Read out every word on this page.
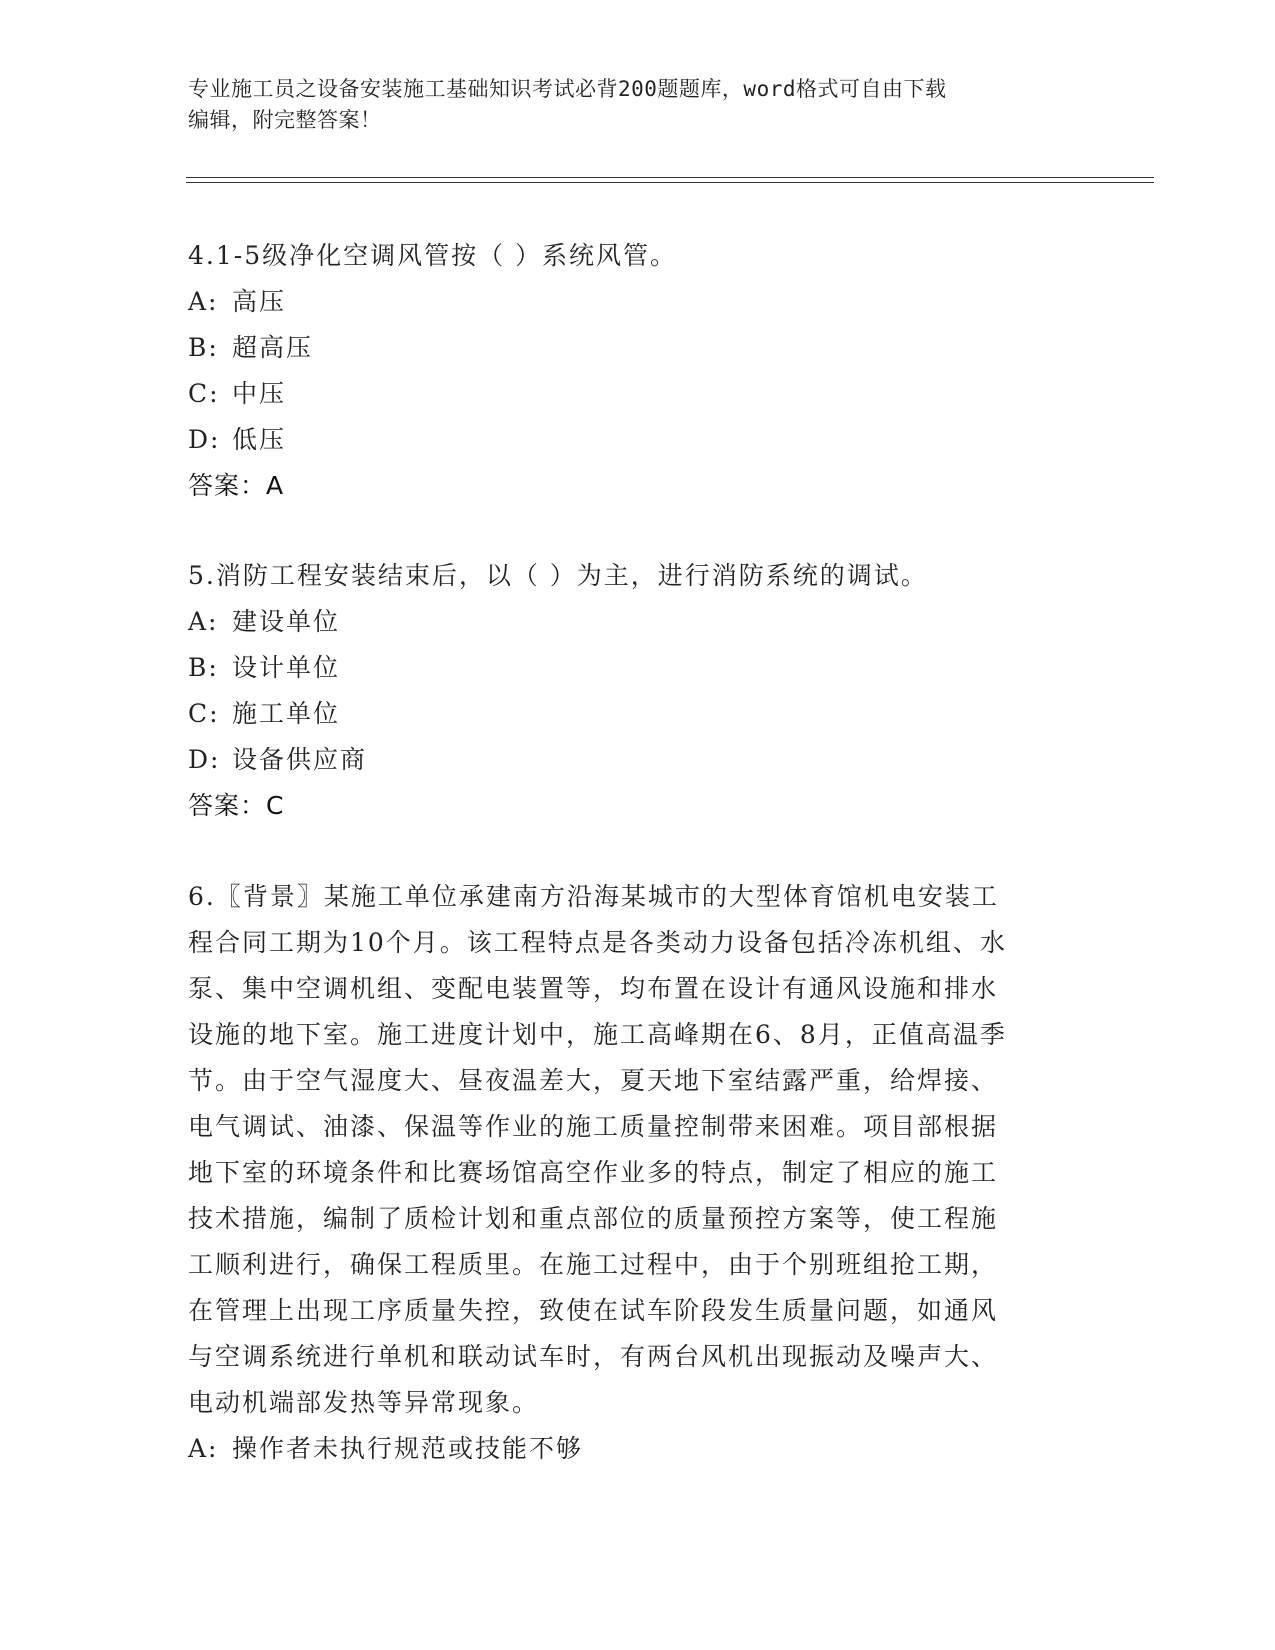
专业施工员之设备安装施工基础知识考试必背200题题库，word格式可自由下载
编辑，附完整答案！
4.1-5级净化空调风管按（ ）系统风管。
A: 高压
B: 超高压
C: 中压
D: 低压
答案：A
5.消防工程安装结束后，以（ ）为主，进行消防系统的调试。
A: 建设单位
B: 设计单位
C: 施工单位
D: 设备供应商
答案：C
6.〖背景〗某施工单位承建南方沿海某城市的大型体育馆机电安装工
程合同工期为10个月。该工程特点是各类动力设备包括冷冻机组、水
泵、集中空调机组、变配电装置等，均布置在设计有通风设施和排水
设施的地下室。施工进度计划中，施工高峰期在6、8月，正值高温季
节。由于空气湿度大、昼夜温差大，夏天地下室结露严重，给焊接、
电气调试、油漆、保温等作业的施工质量控制带来困难。项目部根据
地下室的环境条件和比赛场馆高空作业多的特点，制定了相应的施工
技术措施，编制了质检计划和重点部位的质量预控方案等，使工程施
工顺利进行，确保工程质里。在施工过程中，由于个别班组抢工期，
在管理上出现工序质量失控，致使在试车阶段发生质量问题，如通风
与空调系统进行单机和联动试车时，有两台风机出现振动及噪声大、
电动机端部发热等异常现象。
A: 操作者未执行规范或技能不够
